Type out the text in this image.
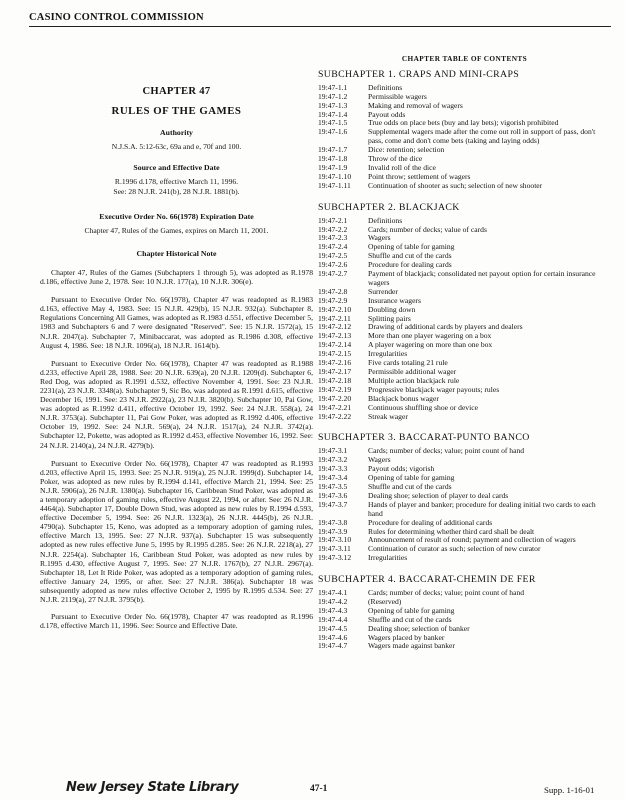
CASINO CONTROL COMMISSION
CHAPTER 47
RULES OF THE GAMES
Authority
N.J.S.A. 5:12-63c, 69a and e, 70f and 100.
Source and Effective Date
R.1996 d.178, effective March 11, 1996.
See: 28 N.J.R. 241(b), 28 N.J.R. 1881(b).
Executive Order No. 66(1978) Expiration Date
Chapter 47, Rules of the Games, expires on March 11, 2001.
Chapter Historical Note

Chapter 47, Rules of the Games (Subchapters 1 through 5), was adopted as R.1978 d.186, effective June 2, 1978. See: 10 N.J.R. 177(a), 10 N.J.R. 306(e).

Pursuant to Executive Order No. 66(1978), Chapter 47 was readopted as R.1983 d.163, effective May 4, 1983. See: 15 N.J.R. 429(b), 15 N.J.R. 932(a). Subchapter 8, Regulations Concerning All Games, was adopted as R.1983 d.551, effective December 5, 1983 and Subchapters 6 and 7 were designated "Reserved". See: 15 N.J.R. 1572(a), 15 N.J.R. 2047(a). Subchapter 7, Minibaccarat, was adopted as R.1986 d.308, effective August 4, 1986. See: 18 N.J.R. 1096(a), 18 N.J.R. 1614(b).

Pursuant to Executive Order No. 66(1978), Chapter 47 was readopted as R.1988 d.233, effective April 28, 1988. See: 20 N.J.R. 639(a), 20 N.J.R. 1209(d). Subchapter 6, Red Dog, was adopted as R.1991 d.532, effective November 4, 1991. See: 23 N.J.R. 2231(a), 23 N.J.R. 3348(a). Subchapter 9, Sic Bo, was adopted as R.1991 d.615, effective December 16, 1991. See: 23 N.J.R. 2922(a), 23 N.J.R. 3820(b). Subchapter 10, Pai Gow, was adopted as R.1992 d.411, effective October 19, 1992. See: 24 N.J.R. 558(a), 24 N.J.R. 3753(a). Subchapter 11, Pai Gow Poker, was adopted as R.1992 d.406, effective October 19, 1992. See: 24 N.J.R. 569(a), 24 N.J.R. 1517(a), 24 N.J.R. 3742(a). Subchapter 12, Pokette, was adopted as R.1992 d.453, effective November 16, 1992. See: 24 N.J.R. 2140(a), 24 N.J.R. 4279(b).

Pursuant to Executive Order No. 66(1978), Chapter 47 was readopted as R.1993 d.203, effective April 15, 1993. See: 25 N.J.R. 919(a), 25 N.J.R. 1999(d). Subchapter 14, Poker, was adopted as new rules by R.1994 d.141, effective March 21, 1994. See: 25 N.J.R. 5906(a), 26 N.J.R. 1380(a). Subchapter 16, Caribbean Stud Poker, was adopted as a temporary adoption of gaming rules, effective August 22, 1994, or after. See: 26 N.J.R. 4464(a). Subchapter 17, Double Down Stud, was adopted as new rules by R.1994 d.593, effective December 5, 1994. See: 26 N.J.R. 1323(a), 26 N.J.R. 4445(b), 26 N.J.R. 4790(a). Subchapter 15, Keno, was adopted as a temporary adoption of gaming rules, effective March 13, 1995. See: 27 N.J.R. 937(a). Subchapter 15 was subsequently adopted as new rules effective June 5, 1995 by R.1995 d.285. See: 26 N.J.R. 2218(a), 27 N.J.R. 2254(a). Subchapter 16, Caribbean Stud Poker, was adopted as new rules by R.1995 d.430, effective August 7, 1995. See: 27 N.J.R. 1767(b), 27 N.J.R. 2967(a). Subchapter 18, Let It Ride Poker, was adopted as a temporary adoption of gaming rules, effective January 24, 1995, or after. See: 27 N.J.R. 386(a). Subchapter 18 was subsequently adopted as new rules effective October 2, 1995 by R.1995 d.534. See: 27 N.J.R. 2119(a), 27 N.J.R. 3795(b).

Pursuant to Executive Order No. 66(1978), Chapter 47 was readopted as R.1996 d.178, effective March 11, 1996. See: Source and Effective Date.

CHAPTER TABLE OF CONTENTS
SUBCHAPTER 1. CRAPS AND MINI-CRAPS
19:47-1.1	Definitions
19:47-1.2	Permissible wagers
19:47-1.3	Making and removal of wagers
19:47-1.4	Payout odds
19:47-1.5	True odds on place bets (buy and lay bets); vigorish prohibited
19:47-1.6	Supplemental wagers made after the come out roll in support of pass, don't pass, come and don't come bets (taking and laying odds)
19:47-1.7	Dice: retention; selection
19:47-1.8	Throw of the dice
19:47-1.9	Invalid roll of the dice
19:47-1.10	Point throw; settlement of wagers
19:47-1.11	Continuation of shooter as such; selection of new shooter
SUBCHAPTER 2. BLACKJACK
19:47-2.1	Definitions
19:47-2.2	Cards; number of decks; value of cards
19:47-2.3	Wagers
19:47-2.4	Opening of table for gaming
19:47-2.5	Shuffle and cut of the cards
19:47-2.6	Procedure for dealing cards
19:47-2.7	Payment of blackjack; consolidated net payout option for certain insurance wagers
19:47-2.8	Surrender
19:47-2.9	Insurance wagers
19:47-2.10	Doubling down
19:47-2.11	Splitting pairs
19:47-2.12	Drawing of additional cards by players and dealers
19:47-2.13	More than one player wagering on a box
19:47-2.14	A player wagering on more than one box
19:47-2.15	Irregularities
19:47-2.16	Five cards totaling 21 rule
19:47-2.17	Permissible additional wager
19:47-2.18	Multiple action blackjack rule
19:47-2.19	Progressive blackjack wager payouts; rules
19:47-2.20	Blackjack bonus wager
19:47-2.21	Continuous shuffling shoe or device
19:47-2.22	Streak wager
SUBCHAPTER 3. BACCARAT-PUNTO BANCO
19:47-3.1	Cards; number of decks; value; point count of hand
19:47-3.2	Wagers
19:47-3.3	Payout odds; vigorish
19:47-3.4	Opening of table for gaming
19:47-3.5	Shuffle and cut of the cards
19:47-3.6	Dealing shoe; selection of player to deal cards
19:47-3.7	Hands of player and banker; procedure for dealing initial two cards to each hand
19:47-3.8	Procedure for dealing of additional cards
19:47-3.9	Rules for determining whether third card shall be dealt
19:47-3.10	Announcement of result of round; payment and collection of wagers
19:47-3.11	Continuation of curator as such; selection of new curator
19:47-3.12	Irregularities
SUBCHAPTER 4. BACCARAT-CHEMIN DE FER
19:47-4.1	Cards; number of decks; value; point count of hand
19:47-4.2	(Reserved)
19:47-4.3	Opening of table for gaming
19:47-4.4	Shuffle and cut of the cards
19:47-4.5	Dealing shoe; selection of banker
19:47-4.6	Wagers placed by banker
19:47-4.7	Wagers made against banker
New Jersey State Library	47-1	Supp. 1-16-01
